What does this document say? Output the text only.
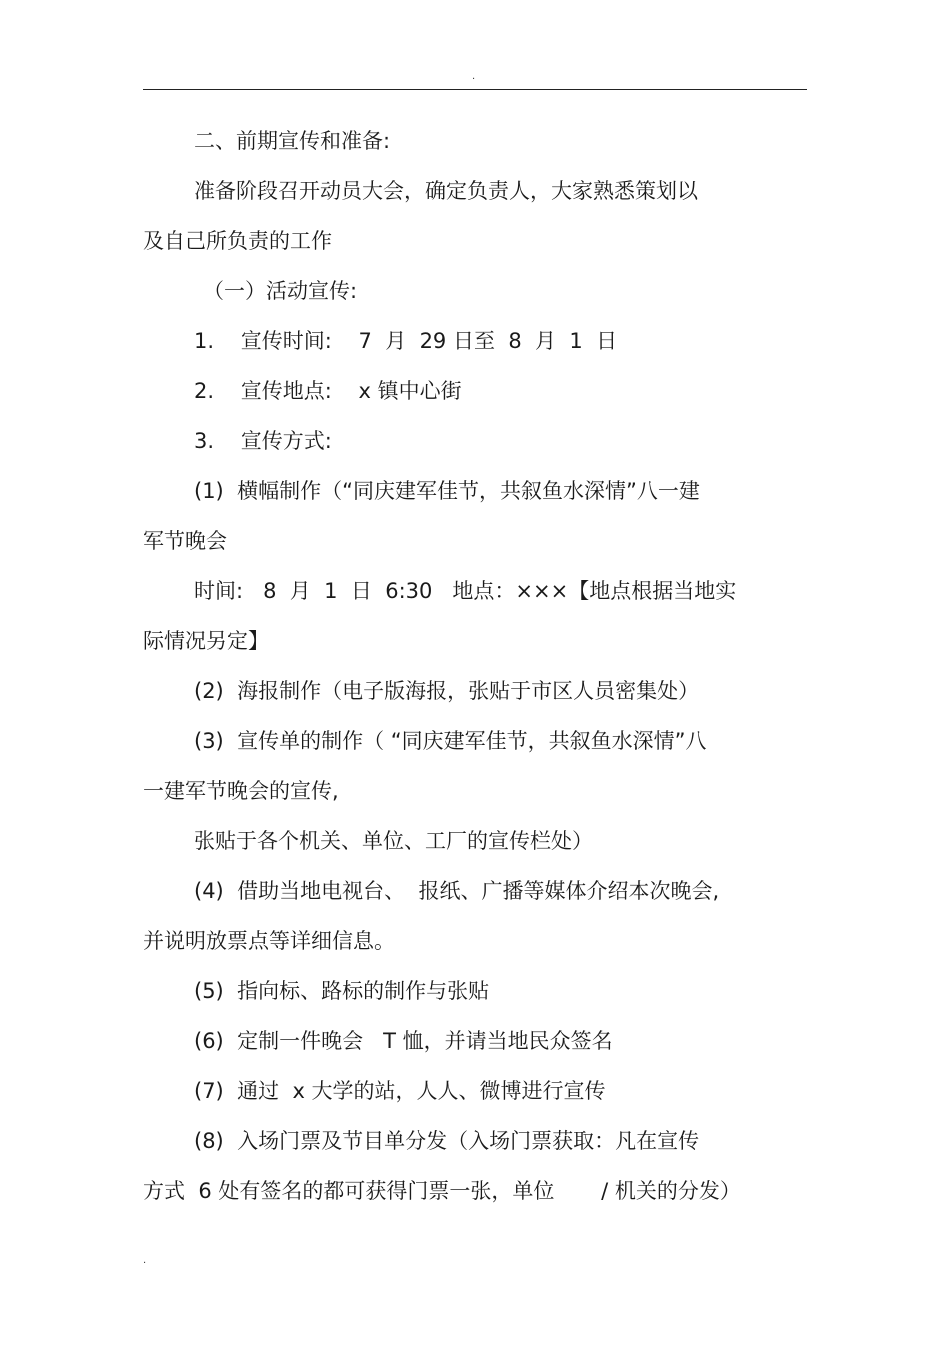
.
二、前期宣传和准备:
准备阶段召开动员大会，确定负责人，大家熟悉策划以
及自己所负责的工作
（一）活动宣传:
1.    宣传时间:    7  月  29 日至  8  月  1  日
2.    宣传地点:    x 镇中心街
3.    宣传方式:
(1)  横幅制作（“同庆建军佳节，共叙鱼水深情”八一建
军节晚会
时间:   8  月  1  日  6:30   地点：×××【地点根据当地实
际情况另定】
(2)  海报制作（电子版海报，张贴于市区人员密集处）
(3)  宣传单的制作（ “同庆建军佳节，共叙鱼水深情”八
一建军节晚会的宣传,
张贴于各个机关、单位、工厂的宣传栏处）
(4)  借助当地电视台、  报纸、广播等媒体介绍本次晚会,
并说明放票点等详细信息。
(5)  指向标、路标的制作与张贴
(6)  定制一件晚会   T 恤，并请当地民众签名
(7)  通过  x 大学的站，人人、微博进行宣传
(8)  入场门票及节目单分发（入场门票获取：凡在宣传
方式  6 处有签名的都可获得门票一张，单位       / 机关的分发）
.
